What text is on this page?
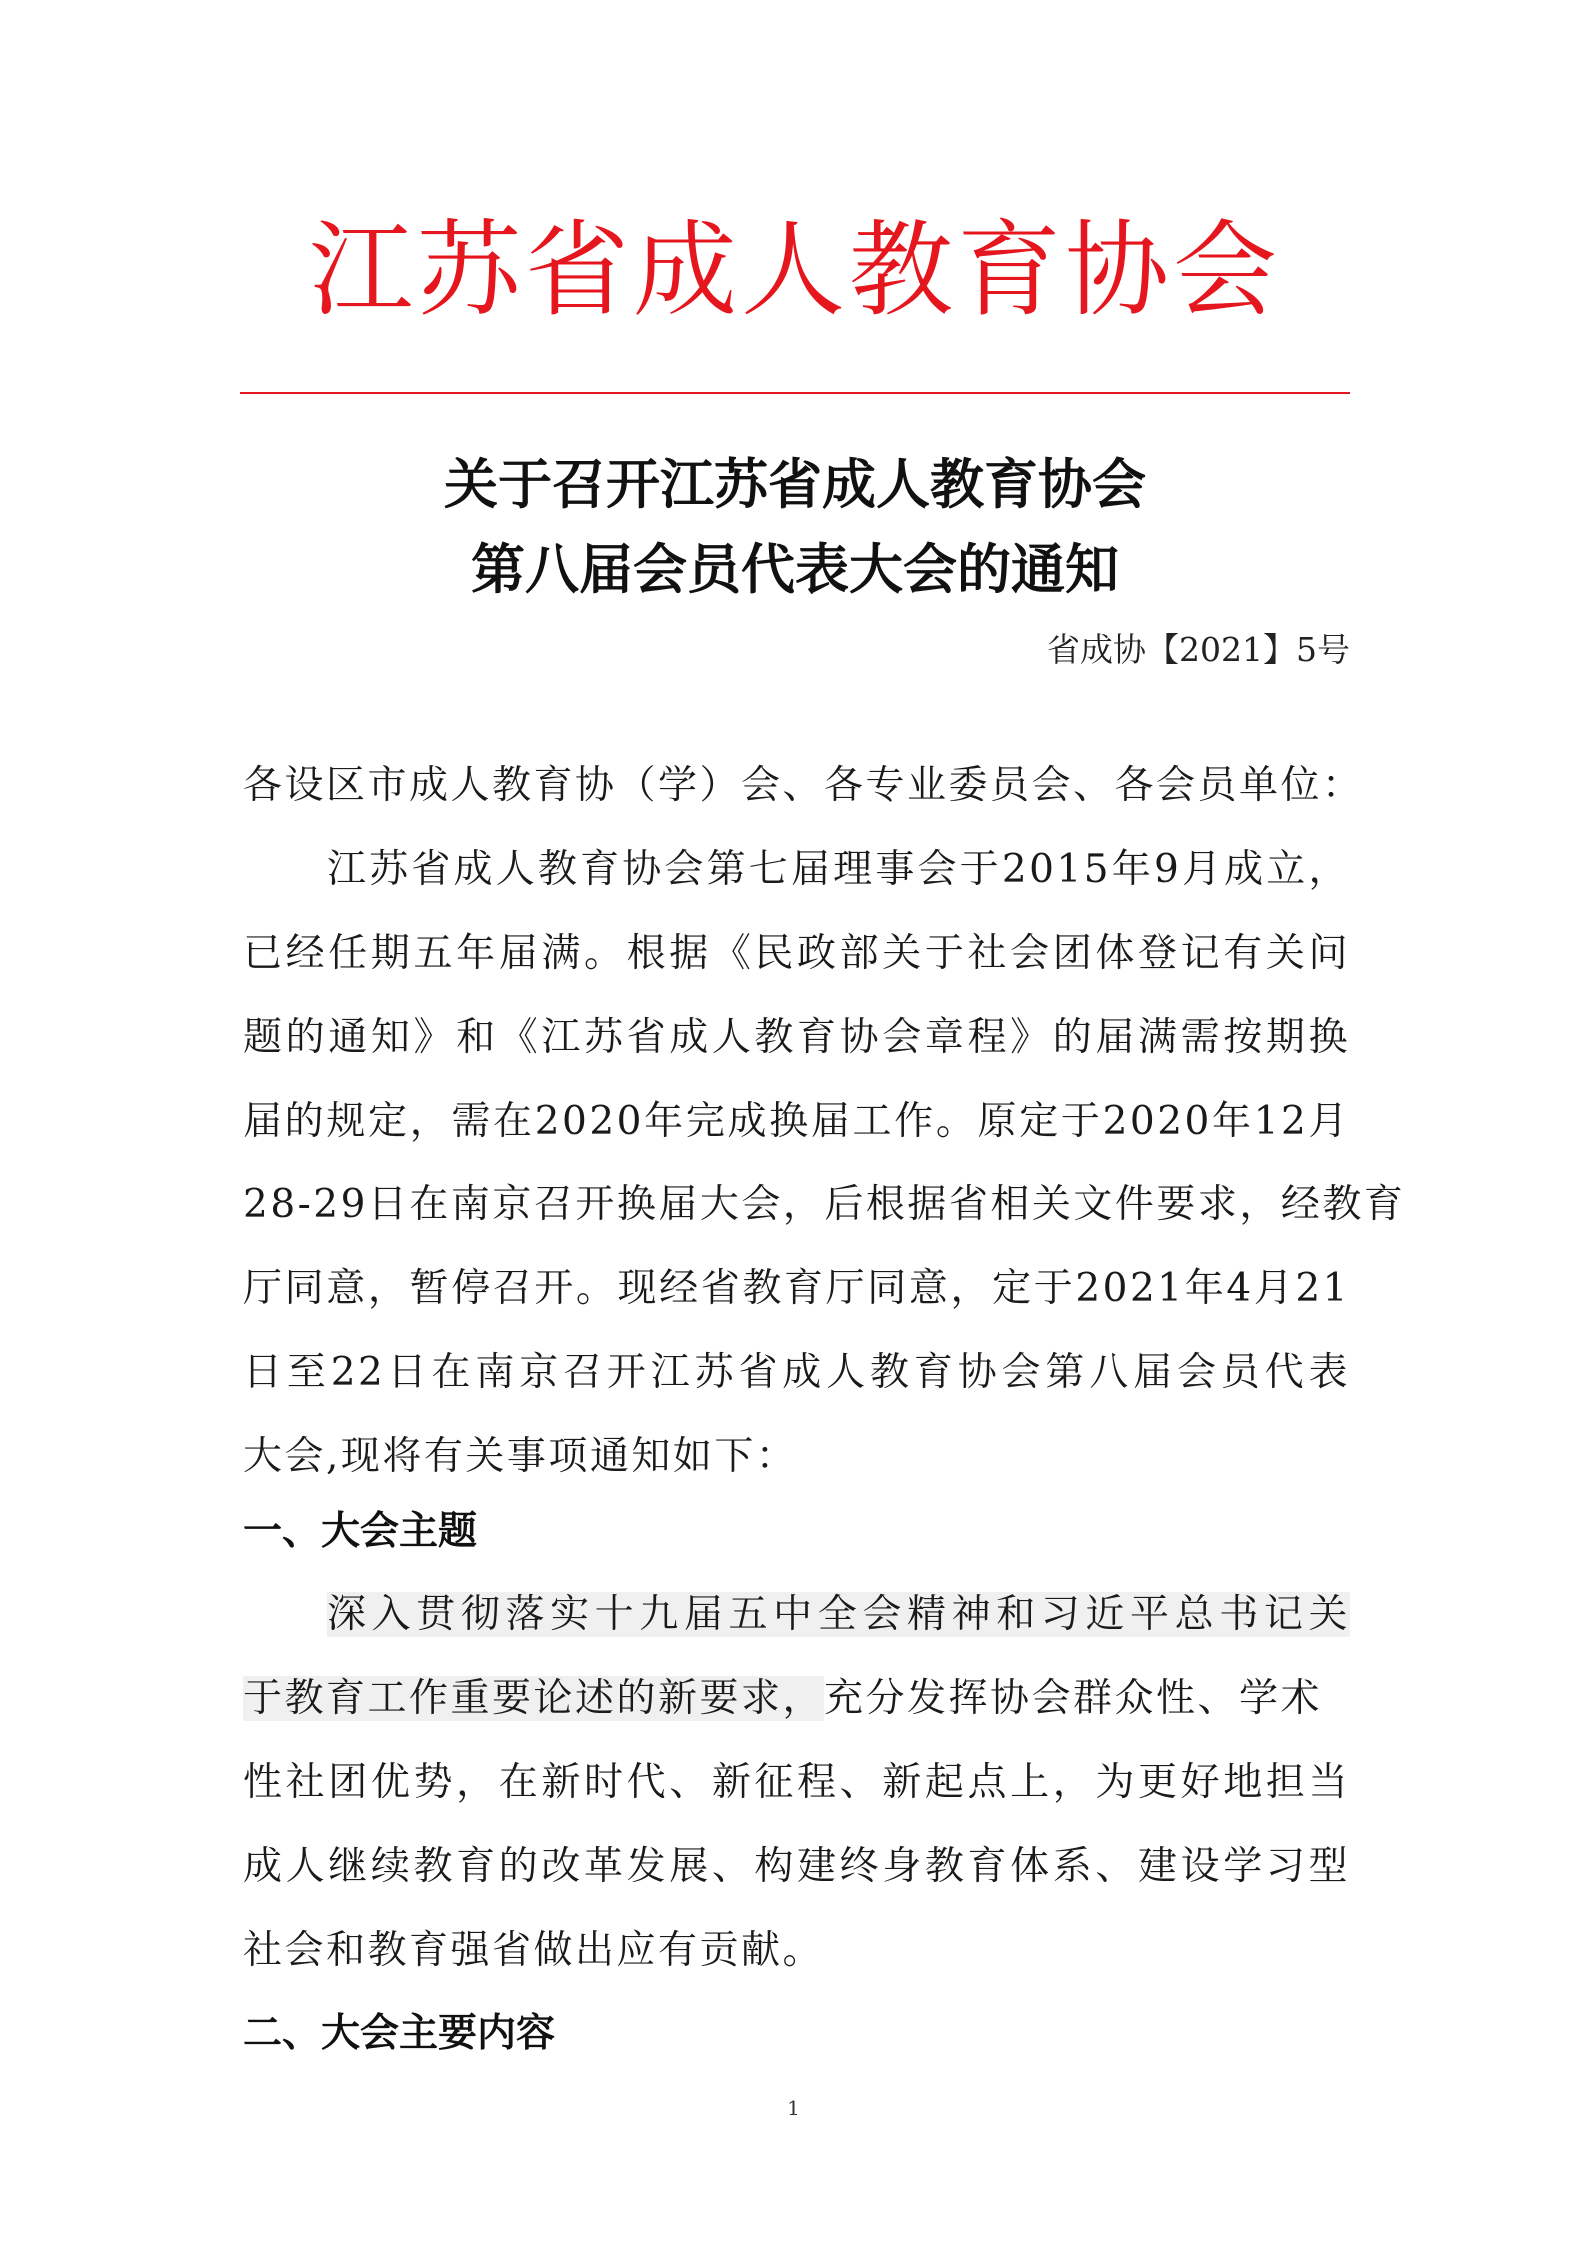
江苏省成人教育协会
关于召开江苏省成人教育协会
第八届会员代表大会的通知
省成协【2021】5号
各设区市成人教育协（学）会、各专业委员会、各会员单位：
江苏省成人教育协会第七届理事会于2015年9月成立，
已经任期五年届满。根据《民政部关于社会团体登记有关问
题的通知》和《江苏省成人教育协会章程》的届满需按期换
届的规定，需在2020年完成换届工作。原定于2020年12月
28-29日在南京召开换届大会，后根据省相关文件要求，经教育
厅同意，暂停召开。现经省教育厅同意，定于2021年4月21
日至22日在南京召开江苏省成人教育协会第八届会员代表
大会,现将有关事项通知如下：
一、大会主题
深入贯彻落实十九届五中全会精神和习近平总书记关
于教育工作重要论述的新要求，充分发挥协会群众性、学术
性社团优势，在新时代、新征程、新起点上，为更好地担当
成人继续教育的改革发展、构建终身教育体系、建设学习型
社会和教育强省做出应有贡献。
二、大会主要内容
1
